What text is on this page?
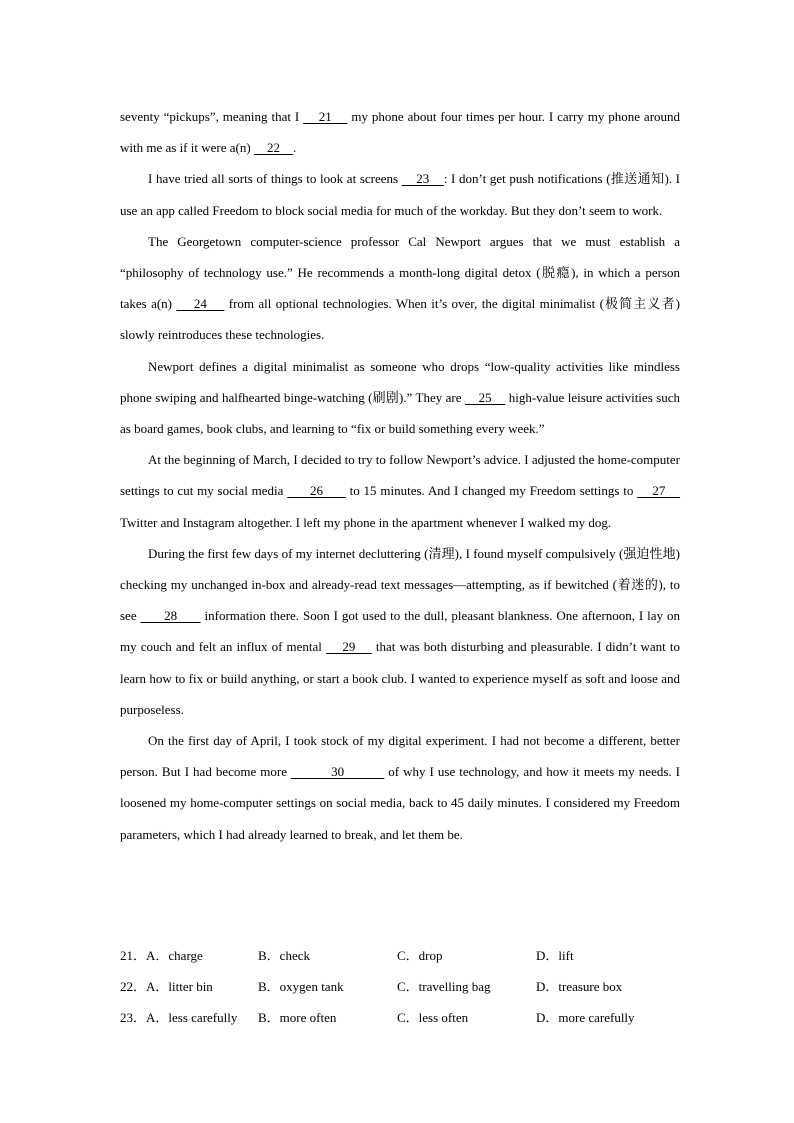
seventy “pickups”, meaning that I     21     my phone about four times per hour. I carry my phone around with me as if it were a(n)     22    .

I have tried all sorts of things to look at screens     23    : I don’t get push notifications (推送通知). I use an app called Freedom to block social media for much of the workday. But they don’t seem to work.

The Georgetown computer-science professor Cal Newport argues that we must establish a “philosophy of technology use.” He recommends a month-long digital detox (脱瘾), in which a person takes a(n)     24     from all optional technologies. When it’s over, the digital minimalist (极简主义者) slowly reintroduces these technologies.

Newport defines a digital minimalist as someone who drops “low-quality activities like mindless phone swiping and halfhearted binge-watching (刷剧).” They are     25     high-value leisure activities such as board games, book clubs, and learning to “fix or build something every week.”

At the beginning of March, I decided to try to follow Newport’s advice. I adjusted the home-computer settings to cut my social media       26       to 15 minutes. And I changed my Freedom settings to     27     Twitter and Instagram altogether. I left my phone in the apartment whenever I walked my dog.

During the first few days of my internet decluttering (清理), I found myself compulsively (强迫性地) checking my unchanged in-box and already-read text messages—attempting, as if bewitched (着迷的), to see       28       information there. Soon I got used to the dull, pleasant blankness. One afternoon, I lay on my couch and felt an influx of mental     29     that was both disturbing and pleasurable. I didn’t want to learn how to fix or build anything, or start a book club. I wanted to experience myself as soft and loose and purposeless.

On the first day of April, I took stock of my digital experiment. I had not become a different, better person. But I had become more           30           of why I use technology, and how it meets my needs. I loosened my home-computer settings on social media, back to 45 daily minutes. I considered my Freedom parameters, which I had already learned to break, and let them be.

21．A．charge	B．check	C．drop	D．lift
22．A．litter bin	B．oxygen tank	C．travelling bag	D．treasure box
23．A．less carefully B．more often	C．less often	D．more carefully
